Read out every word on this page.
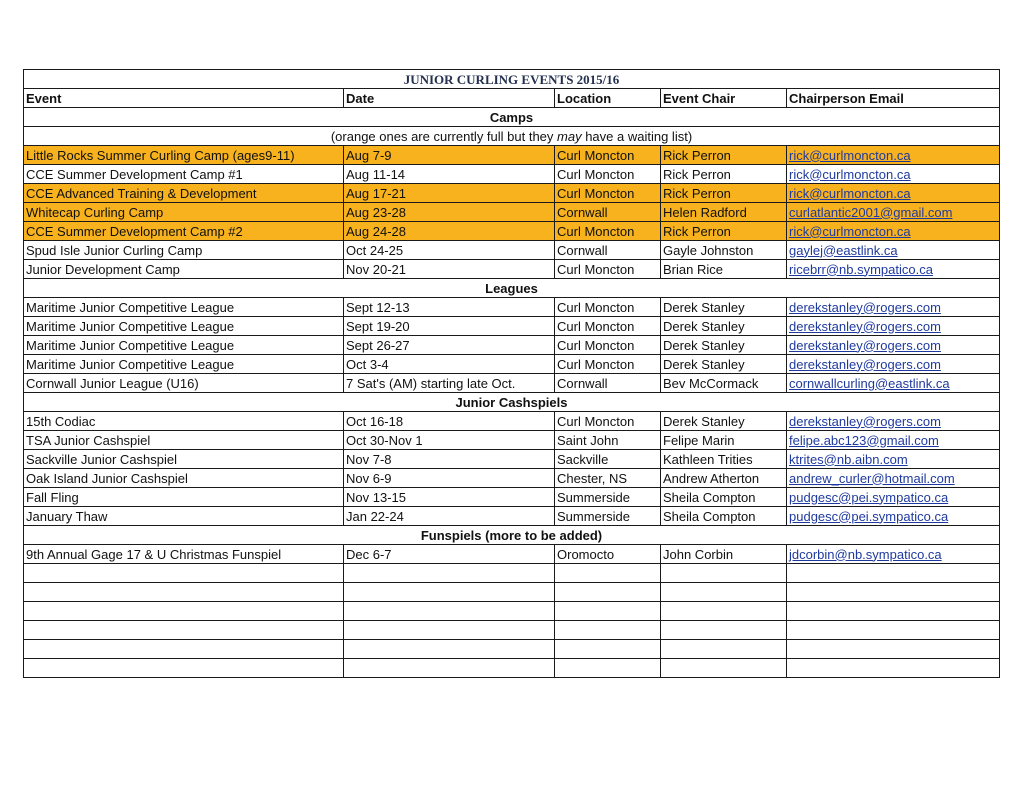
JUNIOR CURLING EVENTS 2015/16				
Event	Date	Location	Event Chair	Chairperson Email
Camps				
(orange ones are currently full but they may have a waiting list)				
Little Rocks Summer Curling Camp (ages9-11)	Aug 7-9	Curl Moncton	Rick Perron	rick@curlmoncton.ca
CCE Summer Development Camp #1	Aug 11-14	Curl Moncton	Rick Perron	rick@curlmoncton.ca
CCE Advanced Training & Development	Aug 17-21	Curl Moncton	Rick Perron	rick@curlmoncton.ca
Whitecap Curling Camp	Aug 23-28	Cornwall	Helen Radford	curlatlantic2001@gmail.com
CCE Summer Development Camp #2	Aug 24-28	Curl Moncton	Rick Perron	rick@curlmoncton.ca
Spud Isle Junior Curling Camp	Oct 24-25	Cornwall	Gayle Johnston	gaylej@eastlink.ca
Junior Development Camp	Nov 20-21	Curl Moncton	Brian Rice	ricebrr@nb.sympatico.ca
Leagues				
Maritime Junior Competitive League	Sept 12-13	Curl Moncton	Derek Stanley	derekstanley@rogers.com
Maritime Junior Competitive League	Sept 19-20	Curl Moncton	Derek Stanley	derekstanley@rogers.com
Maritime Junior Competitive League	Sept 26-27	Curl Moncton	Derek Stanley	derekstanley@rogers.com
Maritime Junior Competitive League	Oct 3-4	Curl Moncton	Derek Stanley	derekstanley@rogers.com
Cornwall Junior League (U16)	7 Sat's (AM) starting late Oct.	Cornwall	Bev McCormack	cornwallcurling@eastlink.ca
Junior Cashspiels				
15th Codiac	Oct 16-18	Curl Moncton	Derek Stanley	derekstanley@rogers.com
TSA Junior Cashspiel	Oct 30-Nov 1	Saint John	Felipe Marin	felipe.abc123@gmail.com
Sackville Junior Cashspiel	Nov 7-8	Sackville	Kathleen Trities	ktrites@nb.aibn.com
Oak Island Junior Cashspiel	Nov 6-9	Chester, NS	Andrew Atherton	andrew_curler@hotmail.com
Fall Fling	Nov 13-15	Summerside	Sheila Compton	pudgesc@pei.sympatico.ca
January Thaw	Jan 22-24	Summerside	Sheila Compton	pudgesc@pei.sympatico.ca
Funspiels (more to be added)				
9th Annual Gage 17 & U Christmas Funspiel	Dec 6-7	Oromocto	John Corbin	jdcorbin@nb.sympatico.ca
